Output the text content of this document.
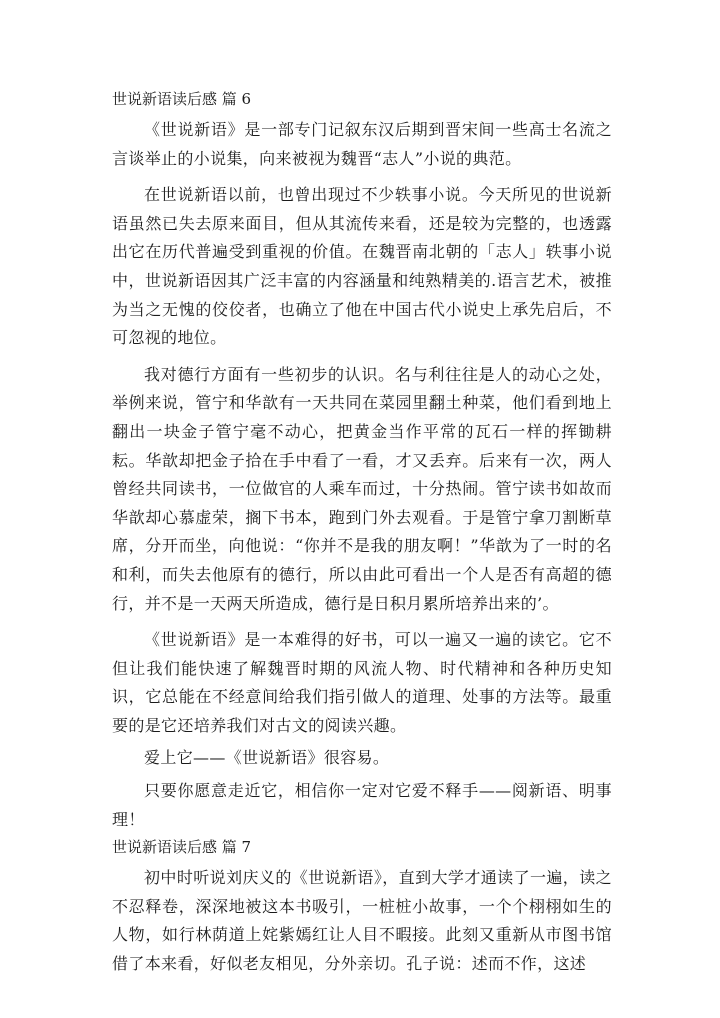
世说新语读后感 篇 6

《世说新语》是一部专门记叙东汉后期到晋宋间一些高士名流之言谈举止的小说集，向来被视为魏晋“志人”小说的典范。

在世说新语以前，也曾出现过不少轶事小说。今天所见的世说新语虽然已失去原来面目，但从其流传来看，还是较为完整的，也透露出它在历代普遍受到重视的价值。在魏晋南北朝的「志人」轶事小说中，世说新语因其广泛丰富的内容涵量和纯熟精美的.语言艺术，被推为当之无愧的佼佼者，也确立了他在中国古代小说史上承先启后，不可忽视的地位。

我对德行方面有一些初步的认识。名与利往往是人的动心之处，举例来说，管宁和华歆有一天共同在菜园里翻土种菜，他们看到地上翻出一块金子管宁毫不动心，把黄金当作平常的瓦石一样的挥锄耕耘。华歆却把金子拾在手中看了一看，才又丢弃。后来有一次，两人曾经共同读书，一位做官的人乘车而过，十分热闹。管宁读书如故而华歆却心慕虚荣，搁下书本，跑到门外去观看。于是管宁拿刀割断草席，分开而坐，向他说：“你并不是我的朋友啊！”华歆为了一时的名和利，而失去他原有的德行，所以由此可看出一个人是否有高超的德行，并不是一天两天所造成，德行是日积月累所培养出来的’。

《世说新语》是一本难得的好书，可以一遍又一遍的读它。它不但让我们能快速了解魏晋时期的风流人物、时代精神和各种历史知识，它总能在不经意间给我们指引做人的道理、处事的方法等。最重要的是它还培养我们对古文的阅读兴趣。

爱上它——《世说新语》很容易。

只要你愿意走近它，相信你一定对它爱不释手——阅新语、明事理！

世说新语读后感 篇 7

初中时听说刘庆义的《世说新语》，直到大学才通读了一遍，读之不忍释卷，深深地被这本书吸引，一桩桩小故事，一个个栩栩如生的人物，如行林荫道上姹紫嫣红让人目不暇接。此刻又重新从市图书馆借了本来看，好似老友相见，分外亲切。孔子说：述而不作，这述
